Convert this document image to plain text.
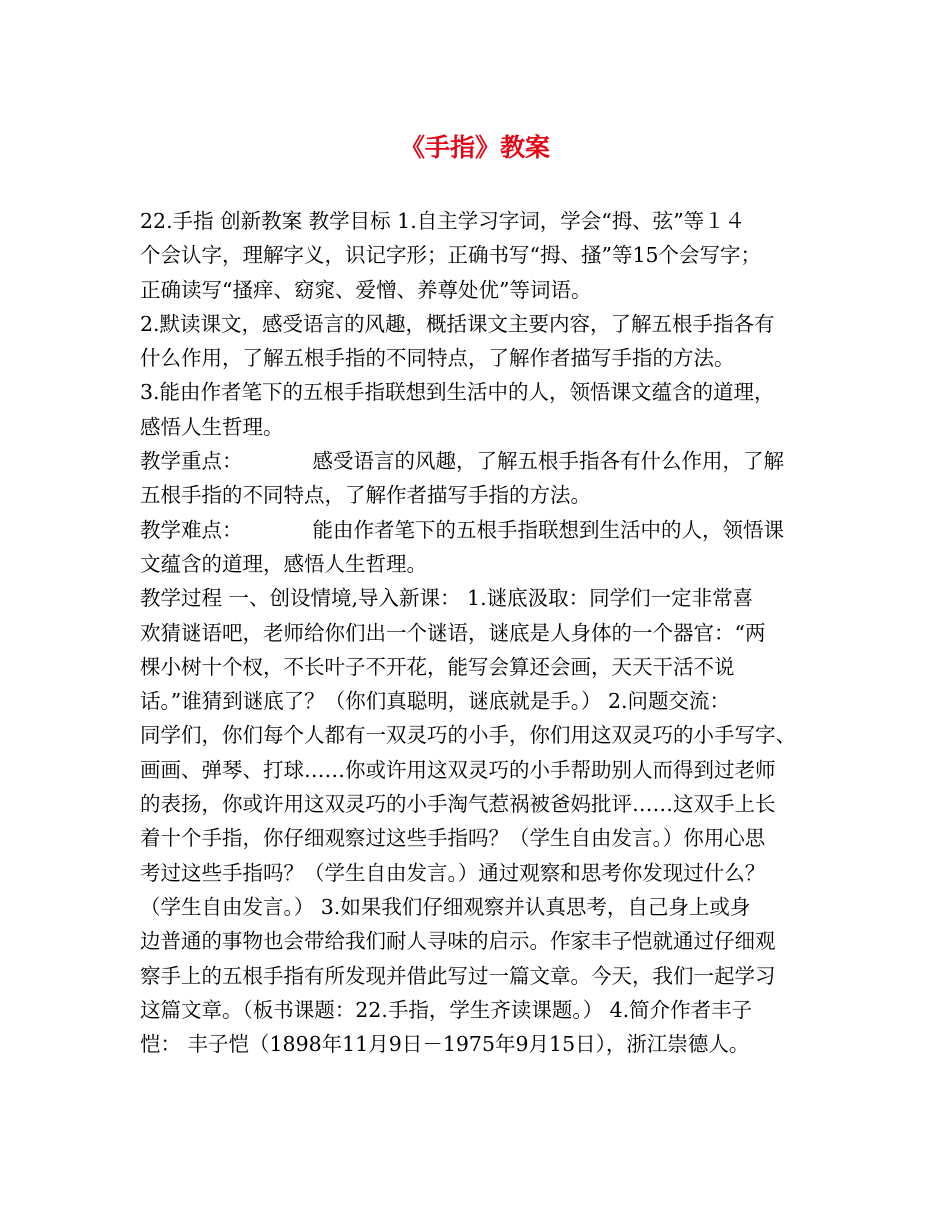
《手指》教案
22.手指 创新教案 教学目标 1.自主学习字词，学会“拇、弦”等１４
个会认字，理解字义，识记字形；正确书写“拇、搔”等15个会写字；
正确读写“搔痒、窈窕、爱憎、养尊处优”等词语。
2.默读课文，感受语言的风趣，概括课文主要内容，了解五根手指各有
什么作用，了解五根手指的不同特点，了解作者描写手指的方法。
3.能由作者笔下的五根手指联想到生活中的人，领悟课文蕴含的道理，
感悟人生哲理。
教学重点：	感受语言的风趣，了解五根手指各有什么作用，了解
五根手指的不同特点，了解作者描写手指的方法。
教学难点：	能由作者笔下的五根手指联想到生活中的人，领悟课
文蕴含的道理，感悟人生哲理。
教学过程 一、创设情境,导入新课： 1.谜底汲取：同学们一定非常喜
欢猜谜语吧，老师给你们出一个谜语，谜底是人身体的一个器官：“两
棵小树十个杈，不长叶子不开花，能写会算还会画，天天干活不说
话。”谁猜到谜底了？（你们真聪明，谜底就是手。） 2.问题交流：
同学们，你们每个人都有一双灵巧的小手，你们用这双灵巧的小手写字、
画画、弹琴、打球……你或许用这双灵巧的小手帮助别人而得到过老师
的表扬，你或许用这双灵巧的小手淘气惹祸被爸妈批评……这双手上长
着十个手指，你仔细观察过这些手指吗？（学生自由发言。）你用心思
考过这些手指吗？（学生自由发言。）通过观察和思考你发现过什么？
（学生自由发言。） 3.如果我们仔细观察并认真思考，自己身上或身
边普通的事物也会带给我们耐人寻味的启示。作家丰子恺就通过仔细观
察手上的五根手指有所发现并借此写过一篇文章。今天，我们一起学习
这篇文章。（板书课题：22.手指，学生齐读课题。） 4.简介作者丰子
恺： 丰子恺（1898年11月9日－1975年9月15日），浙江崇德人。
